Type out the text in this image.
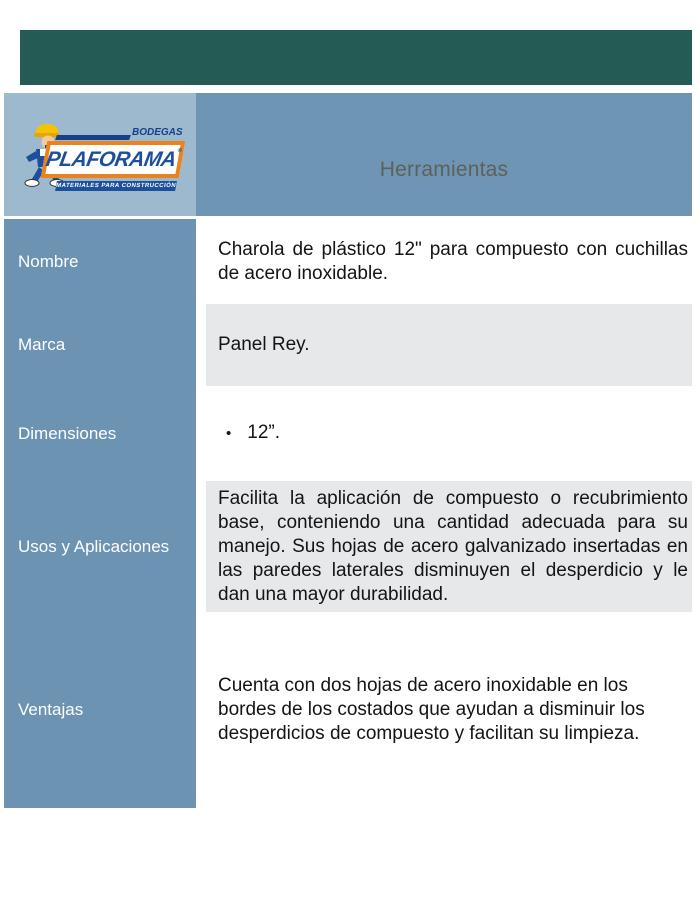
BODEGAS
PLAFORAMA®
MATERIALES PARA CONSTRUCCIÓN
Herramientas
Nombre

Charola de plástico 12" para compuesto con cuchillas de acero inoxidable.

Marca	Panel Rey.

Dimensiones	• 12”.

Usos y Aplicaciones

Facilita la aplicación de compuesto o recubrimiento base, conteniendo una cantidad adecuada para su manejo. Sus hojas de acero galvanizado insertadas en las paredes laterales disminuyen el desperdicio y le dan una mayor durabilidad.

Ventajas

Cuenta con dos hojas de acero inoxidable en los bordes de los costados que ayudan a disminuir los desperdicios de compuesto y facilitan su limpieza.
